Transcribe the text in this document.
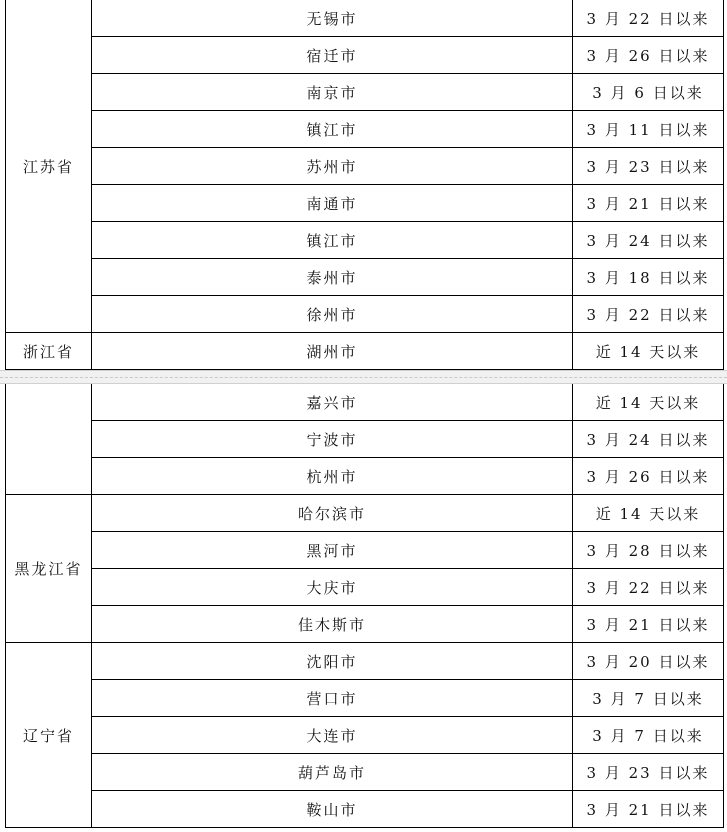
江苏省	无锡市	3 月 22 日以来
	宿迁市	3 月 26 日以来
	南京市	3 月 6 日以来
	镇江市	3 月 11 日以来
	苏州市	3 月 23 日以来
	南通市	3 月 21 日以来
	镇江市	3 月 24 日以来
	泰州市	3 月 18 日以来
	徐州市	3 月 22 日以来
浙江省	湖州市	近 14 天以来
	嘉兴市	近 14 天以来
	宁波市	3 月 24 日以来
	杭州市	3 月 26 日以来
黑龙江省	哈尔滨市	近 14 天以来
	黑河市	3 月 28 日以来
	大庆市	3 月 22 日以来
	佳木斯市	3 月 21 日以来
辽宁省	沈阳市	3 月 20 日以来
	营口市	3 月 7 日以来
	大连市	3 月 7 日以来
	葫芦岛市	3 月 23 日以来
	鞍山市	3 月 21 日以来
